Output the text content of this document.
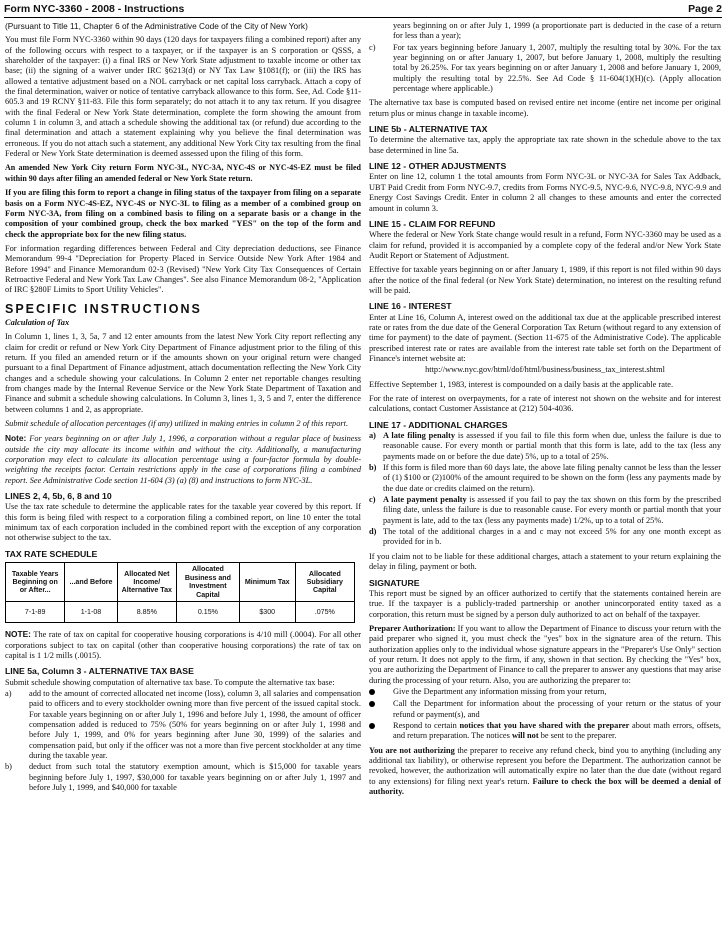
Form NYC-3360 - 2008 - Instructions	Page 2

(Pursuant to Title 11, Chapter 6 of the Administrative Code of the City of New York)

You must file Form NYC-3360 within 90 days (120 days for taxpayers filing a combined report) after any of the following occurs with respect to a taxpayer, or if the taxpayer is an S corporation or QSSS, a shareholder of the taxpayer: (i) a final IRS or New York State adjustment to taxable income or other tax base; (ii) the signing of a waiver under IRC §6213(d) or NY Tax Law §1081(f); or (iii) the IRS has allowed a tentative adjustment based on a NOL carryback or net capital loss carryback. Attach a copy of the final determination, waiver or notice of tentative carryback allowance to this form. See, Ad. Code §11-605.3 and 19 RCNY §11-83. File this form separately; do not attach it to any tax return. If you disagree with the final Federal or New York State determination, complete the form showing the amount from column 1 in column 3, and attach a schedule showing the additional tax (or refund) due according to the final determination and attach a statement explaining why you believe the final determination was erroneous. If you do not attach such a statement, any additional New York City tax resulting from the final Federal or New York State determination is deemed assessed upon the filing of this form.

An amended New York City return Form NYC-3L, NYC-3A, NYC-4S or NYC-4S-EZ must be filed within 90 days after filing an amended federal or New York State return.

If you are filing this form to report a change in filing status of the taxpayer from filing on a separate basis on a Form NYC-4S-EZ, NYC-4S or NYC-3L to filing as a member of a combined group on Form NYC-3A, from filing on a combined basis to filing on a separate basis or a change in the composition of your combined group, check the box marked "YES" on the top of the form and check the appropriate box for the new filing status.

For information regarding differences between Federal and City depreciation deductions, see Finance Memorandum 99-4 "Depreciation for Property Placed in Service Outside New York After 1984 and Before 1994" and Finance Memorandum 02-3 (Revised) "New York City Tax Consequences of Certain Retroactive Federal and New York Tax Law Changes". See also Finance Memorandum 08-2, "Application of IRC §280F Limits to Sport Utility Vehicles".

SPECIFIC INSTRUCTIONS

Calculation of Tax

In Column 1, lines 1, 3, 5a, 7 and 12 enter amounts from the latest New York City report reflecting any claim for credit or refund or New York City Department of Finance adjustment prior to the filing of this return. If you filed an amended return or if the amounts shown on your original return were changed pursuant to a final Department of Finance adjustment, attach documentation reflecting the New York City changes and a schedule showing your calculations. In Column 2 enter net reportable changes resulting from changes made by the Internal Revenue Service or the New York State Department of Taxation and Finance and submit a schedule showing calculations. In Column 3, lines 1, 3, 5 and 7, enter the difference between columns 1 and 2, as appropriate.

Submit schedule of allocation percentages (if any) utilized in making entries in column 2 of this report.

Note: For years beginning on or after July 1, 1996, a corporation without a regular place of business outside the city may allocate its income within and without the city. Additionally, a manufacturing corporation may elect to calculate its allocation percentage using a four-factor formula by double-weighting the receipts factor. Certain restrictions apply in the case of corporations filing a combined report. See Administrative Code section 11-604 (3) (a) (8) and instructions to form NYC-3L.

LINES 2, 4, 5b, 6, 8 and 10

Use the tax rate schedule to determine the applicable rates for the taxable year covered by this report. If this form is being filed with respect to a corporation filing a combined report, on line 10 enter the total minimum tax of each corporation included in the combined report with the exception of any corporation not otherwise subject to the tax.

TAX RATE SCHEDULE
Taxable Years Beginning on or After...	...and Before	Allocated Net Income/ Alternative Tax	Allocated Business and Investment Capital	Minimum Tax	Allocated Subsidiary Capital
7-1-89	1-1-08	8.85%	0.15%	$300	.075%

NOTE: The rate of tax on capital for cooperative housing corporations is 4/10 mill (.0004). For all other corporations subject to tax on capital (other than cooperative housing corporations) the rate of tax on capital is 1 1/2 mills (.0015).

LINE 5a, Column 3 - ALTERNATIVE TAX BASE

Submit schedule showing computation of alternative tax base. To compute the alternative tax base:

a)	add to the amount of corrected allocated net income (loss), column 3, all salaries and compensation paid to officers and to every stockholder owning more than five percent of the issued capital stock. For taxable years beginning on or after July 1, 1996 and before July 1, 1998, the amount of officer compensation added is reduced to 75% (50% for years beginning on or after July 1, 1998 and before July 1, 1999, and 0% for years beginning after June 30, 1999) of the salaries and compensation paid, but only if the officer was not a more than five percent stockholder at any time during the taxable year.
b)	deduct from such total the statutory exemption amount, which is $15,000 for taxable years beginning before July 1, 1997, $30,000 for taxable years beginning on or after July 1, 1997 and before July 1, 1999, and $40,000 for taxable
years beginning on or after July 1, 1999 (a proportionate part is deducted in the case of a return for less than a year);
c)	For tax years beginning before January 1, 2007, multiply the resulting total by 30%. For the tax year beginning on or after January 1, 2007, but before January 1, 2008, multiply the resulting total by 26.25%. For tax years beginning on or after January 1, 2008 and before January 1, 2009, multiply the resulting total by 22.5%. See Ad Code § 11-604(1)(H)(c). (Apply allocation percentage where applicable.)

The alternative tax base is computed based on revised entire net income (entire net income per original return plus or minus change in taxable income).

LINE 5b - ALTERNATIVE TAX

To determine the alternative tax, apply the appropriate tax rate shown in the schedule above to the tax base determined in line 5a.

LINE 12 - OTHER ADJUSTMENTS

Enter on line 12, column 1 the total amounts from Form NYC-3L or NYC-3A for Sales Tax Addback, UBT Paid Credit from Form NYC-9.7, credits from Forms NYC-9.5, NYC-9.6, NYC-9.8, NYC-9.9 and Energy Cost Savings Credit. Enter in column 2 all changes to these amounts and enter the corrected amount in column 3.

LINE 15 - CLAIM FOR REFUND

Where the federal or New York State change would result in a refund, Form NYC-3360 may be used as a claim for refund, provided it is accompanied by a complete copy of the federal and/or New York State Audit Report or Statement of Adjustment.

Effective for taxable years beginning on or after January 1, 1989, if this report is not filed within 90 days after the notice of the final federal (or New York State) determination, no interest on the resulting refund will be paid.

LINE 16 - INTEREST

Enter at Line 16, Column A, interest owed on the additional tax due at the applicable prescribed interest rate or rates from the due date of the General Corporation Tax Return (without regard to any extension of time for payment) to the date of payment. (Section 11-675 of the Administrative Code). The applicable prescribed interest rate or rates are available from the interest rate table set forth on the Department of Finance's internet website at:

http://www.nyc.gov/html/dof/html/business/business_tax_interest.shtml

Effective September 1, 1983, interest is compounded on a daily basis at the applicable rate.

For the rate of interest on overpayments, for a rate of interest not shown on the website and for interest calculations, contact Customer Assistance at (212) 504-4036.

LINE 17 - ADDITIONAL CHARGES
a) A late filing penalty is assessed if you fail to file this form when due, unless the failure is due to reasonable cause. For every month or partial month that this form is late, add to the tax (less any payments made on or before the due date) 5%, up to a total of 25%.
b) If this form is filed more than 60 days late, the above late filing penalty cannot be less than the lesser of (1) $100 or (2)100% of the amount required to be shown on the form (less any payments made by the due date or credits claimed on the return).
c) A late payment penalty is assessed if you fail to pay the tax shown on this form by the prescribed filing date, unless the failure is due to reasonable cause. For every month or partial month that your payment is late, add to the tax (less any payments made) 1/2%, up to a total of 25%.
d) The total of the additional charges in a and c may not exceed 5% for any one month except as provided for in b.

If you claim not to be liable for these additional charges, attach a statement to your return explaining the delay in filing, payment or both.

SIGNATURE

This report must be signed by an officer authorized to certify that the statements contained herein are true. If the taxpayer is a publicly-traded partnership or another unincorporated entity taxed as a corporation, this return must be signed by a person duly authorized to act on behalf of the taxpayer.

Preparer Authorization: If you want to allow the Department of Finance to discuss your return with the paid preparer who signed it, you must check the "yes" box in the signature area of the return. This authorization applies only to the individual whose signature appears in the "Preparer's Use Only" section of your return. It does not apply to the firm, if any, shown in that section. By checking the "Yes" box, you are authorizing the Department of Finance to call the preparer to answer any questions that may arise during the processing of your return. Also, you are authorizing the preparer to:

Give the Department any information missing from your return,
Call the Department for information about the processing of your return or the status of your refund or payment(s), and
Respond to certain notices that you have shared with the preparer about math errors, offsets, and return preparation. The notices will not be sent to the preparer.

You are not authorizing the preparer to receive any refund check, bind you to anything (including any additional tax liability), or otherwise represent you before the Department. The authorization cannot be revoked, however, the authorization will automatically expire no later than the due date (without regard to any extensions) for filing next year's return. Failure to check the box will be deemed a denial of authority.
